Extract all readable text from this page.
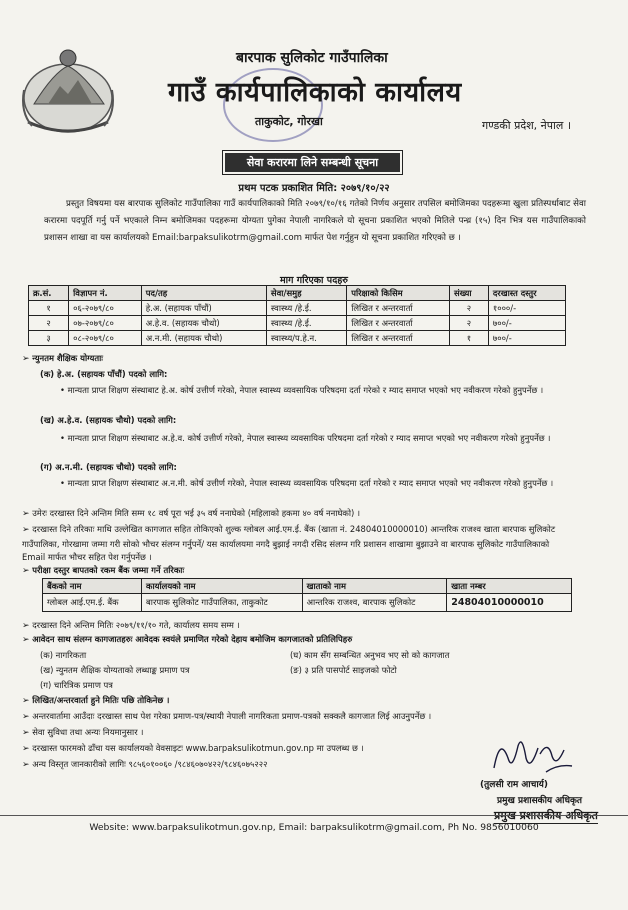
बारपाक सुलिकोट गाउँपालिका
गाउँ कार्यपालिकाको कार्यालय
ताकुकोट, गोरखा	गण्डकी प्रदेश, नेपाल ।
सेवा करारमा लिने सम्बन्धी सूचना
प्रथम पटक प्रकाशित मिति: २०७९/१०/२२
प्रस्तुत विषयमा यस बारपाक सुलिकोट गाउँपालिका गाउँ कार्यपालिकाको मिति २०७९/१०/१६ गतेको निर्णय अनुसार तपसिल बमोजिमका पदहरूमा खुला प्रतिस्पर्धाबाट सेवा करारमा पदपूर्ति गर्नु पर्ने भएकाले निम्न बमोजिमका पदहरूमा योग्यता पुगेका नेपाली नागरिकले यो सूचना प्रकाशित भएको मितिले पन्ध्र (१५) दिन भित्र यस गाउँपालिकाको प्रशासन शाखा वा यस कार्यालयको Email:barpaksulikotrm@gmail.com मार्फत पेश गर्नुहुन यो सूचना प्रकाशित गरिएको छ ।
माग गरिएका पदहरु
क्र.सं.	विज्ञापन नं.	पद/तह	सेवा/समुह	परिक्षाको किसिम	संख्या	दरखास्त दस्तुर
१	०६-२०७९/८०	हे.अ. (सहायक पाँचौं)	स्वास्थ्य /हे.ई.	लिखित र अन्तरवार्ता	२	१०००/-
२	०७-२०७९/८०	अ.हे.व. (सहायक चौथो)	स्वास्थ्य /हे.ई.	लिखित र अन्तरवार्ता	२	७००/-
३	०८-२०७९/८०	अ.न.मी. (सहायक चौथो)	स्वास्थ्य/प.हे.न.	लिखित र अन्तरवार्ता	१	७००/-
➢ न्युनतम शैक्षिक योग्यताः
(क) हे.अ. (सहायक पाँचौं) पदको लागि:
• मान्यता प्राप्त शिक्षण संस्थाबाट हे.अ. कोर्ष उत्तीर्ण गरेको, नेपाल स्वास्थ्य व्यवसायिक परिषदमा दर्ता गरेको र म्याद समाप्त भएको भए नवीकरण गरेको हुनुपर्नेछ ।
(ख) अ.हे.व. (सहायक चौथो) पदको लागि:
• मान्यता प्राप्त शिक्षण संस्थाबाट अ.हे.व. कोर्ष उत्तीर्ण गरेको, नेपाल स्वास्थ्य व्यवसायिक परिषदमा दर्ता गरेको र म्याद समाप्त भएको भए नवीकरण गरेको हुनुपर्नेछ ।
(ग) अ.न.मी. (सहायक चौथो) पदको लागि:
• मान्यता प्राप्त शिक्षण संस्थाबाट अ.न.मी. कोर्ष उत्तीर्ण गरेको, नेपाल स्वास्थ्य व्यवसायिक परिषदमा दर्ता गरेको र म्याद समाप्त भएको भए नवीकरण गरेको हुनुपर्नेछ ।
➢ उमेरः दरखास्त दिने अन्तिम मिति सम्म १८ वर्ष पूरा भई ३५ वर्ष ननाघेको (महिलाको हकमा ४० वर्ष ननाघेको) ।
➢ दरखास्त दिने तरिकाः माथि उल्लेखित कागजात सहित तोकिएको शुल्क ग्लोबल आई.एम.ई. बैंक (खाता नं. 24804010000010) आन्तरिक राजश्व खाता बारपाक सुलिकोट गाउँपालिका, गोरखामा जम्मा गरी सोको भौचर संलग्न गर्नुपर्ने/ यस कार्यालयमा नगदै बुझाई नगदी रसिद संलग्न गरि प्रशासन शाखामा बुझाउने वा बारपाक सुलिकोट गाउँपालिकाको Email मार्फत भौचर सहित पेश गर्नुपर्नेछ ।
➢ परीक्षा दस्तुर बापतको रकम बैंक जम्मा गर्ने तरिकाः
बैंकको नाम	कार्यालयको नाम	खाताको नाम	खाता नम्बर
ग्लोबल आई.एम.ई. बैंक	बारपाक सुलिकोट गाउँपालिका, ताकुकोट	आन्तरिक राजश्व, बारपाक सुलिकोट	24804010000010
➢ दरखास्त दिने अन्तिम मितिः २०७९/११/१० गते, कार्यालय समय सम्म ।
➢ आवेदन साथ संलग्न कागजातहरुः आवेदक स्वयंले प्रमाणित गरेको देहाय बमोजिम कागजातको प्रतिलिपिहरु
(क) नागरिकता	(घ) काम सँग सम्बन्धित अनुभव भए सो को कागजात
(ख) न्युनतम शैक्षिक योग्यताको लब्धाङ्क प्रमाण पत्र	(ङ) ३ प्रति पासपोर्ट साइजको फोटो
(ग) चारित्रिक प्रमाण पत्र
➢ लिखित/अन्तरवार्ता हुने मितिः पछि तोकिनेछ ।
➢ अन्तरवार्तामा आउँदाः दरखास्त साथ पेश गरेका प्रमाण-पत्र/स्थायी नेपाली नागरिकता प्रमाण-पत्रको सक्कलै कागजात लिई आउनुपर्नेछ ।
➢ सेवा सुविधा तथा अन्यः नियमानुसार ।
➢ दरखास्त फारमको ढाँचा यस कार्यालयको वेवसाइटः www.barpaksulikotmun.gov.np मा उपलब्ध छ ।
➢ अन्य विस्तृत जानकारीको लागिः ९८५६०१००६० /९८४६०७०४२२/९८४६०७५२२२
(तुलसी राम आचार्य)
प्रमुख प्रशासकीय अधिकृत
प्रमुख प्रशासकीय अधिकृत
Website: www.barpaksulikotmun.gov.np, Email: barpaksulikotrm@gmail.com, Ph No. 9856010060
